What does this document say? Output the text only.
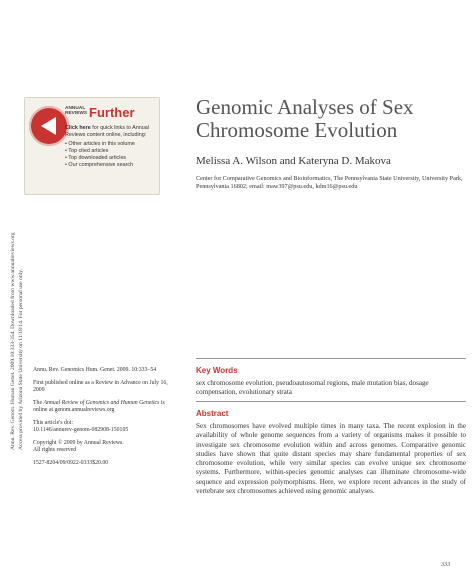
Annu. Rev. Genom. Human Genet. 2009.10:333-354. Downloaded from www.annualreviews.org Access provided by Arizona State University on 11/18/14. For personal use only.
ANNUAL REVIEWS Further
Click here for quick links to Annual Reviews content online, including:
• Other articles in this volume
• Top cited articles
• Top downloaded articles
• Our comprehensive search
Genomic Analyses of Sex
Chromosome Evolution
Melissa A. Wilson and Kateryna D. Makova
Center for Comparative Genomics and Bioinformatics, The Pennsylvania State University, University Park, Pennsylvania 16802; email: maw397@psu.edu, kdm16@psu.edu

Annu. Rev. Genomics Hum. Genet. 2009. 10:333–54

First published online as a Review in Advance on July 16, 2009

The Annual Review of Genomics and Human Genetics is online at genom.annualreviews.org

This article's doi:
10.1146/annurev-genom-082908-150105

Copyright © 2009 by Annual Reviews.
All rights reserved

1527-8204/09/0922-0333$20.00

Key Words
sex chromosome evolution, pseudoautosomal regions, male mutation bias, dosage compensation, evolutionary strata
Abstract
Sex chromosomes have evolved multiple times in many taxa. The recent explosion in the availability of whole genome sequences from a variety of organisms makes it possible to investigate sex chromosome evolution within and across genomes. Comparative genomic studies have shown that quite distant species may share fundamental properties of sex chromosome evolution, while very similar species can evolve unique sex chromosome systems. Furthermore, within-species genomic analyses can illuminate chromosome-wide sequence and expression polymorphisms. Here, we explore recent advances in the study of vertebrate sex chromosomes achieved using genomic analyses.
333
